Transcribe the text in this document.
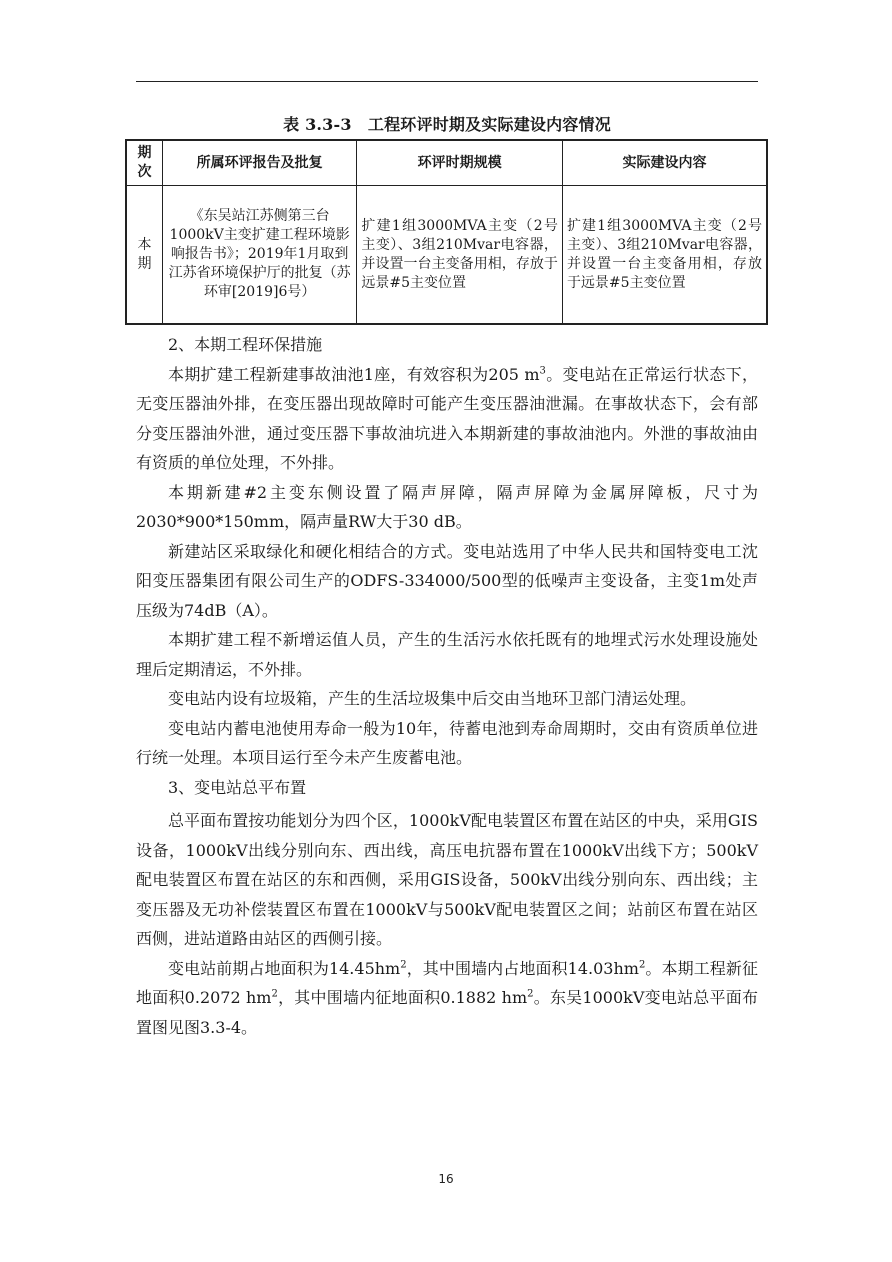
表 3.3-3　工程环评时期及实际建设内容情况
期次	所属环评报告及批复	环评时期规模	实际建设内容
本期	《东吴站江苏侧第三台1000kV主变扩建工程环境影响报告书》；2019年1月取到江苏省环境保护厅的批复（苏环审[2019]6号）	扩建1组3000MVA主变（2号主变）、3组210Mvar电容器，并设置一台主变备用相，存放于远景#5主变位置	扩建1组3000MVA主变（2号主变）、3组210Mvar电容器，并设置一台主变备用相，存放于远景#5主变位置

2、本期工程环保措施

本期扩建工程新建事故油池1座，有效容积为205 $m^3$。变电站在正常运行状态下，无变压器油外排，在变压器出现故障时可能产生变压器油泄漏。在事故状态下，会有部分变压器油外泄，通过变压器下事故油坑进入本期新建的事故油池内。外泄的事故油由有资质的单位处理，不外排。

本期新建#2主变东侧设置了隔声屏障，隔声屏障为金属屏障板，尺寸为2030*900*150mm，隔声量RW大于30 dB。

新建站区采取绿化和硬化相结合的方式。变电站选用了中华人民共和国特变电工沈阳变压器集团有限公司生产的ODFS-334000/500型的低噪声主变设备，主变1m处声压级为74dB（A）。

本期扩建工程不新增运值人员，产生的生活污水依托既有的地埋式污水处理设施处理后定期清运，不外排。

变电站内设有垃圾箱，产生的生活垃圾集中后交由当地环卫部门清运处理。

变电站内蓄电池使用寿命一般为10年，待蓄电池到寿命周期时，交由有资质单位进行统一处理。本项目运行至今未产生废蓄电池。

3、变电站总平布置

总平面布置按功能划分为四个区，1000kV配电装置区布置在站区的中央，采用GIS设备，1000kV出线分别向东、西出线，高压电抗器布置在1000kV出线下方；500kV配电装置区布置在站区的东和西侧，采用GIS设备，500kV出线分别向东、西出线；主变压器及无功补偿装置区布置在1000kV与500kV配电装置区之间；站前区布置在站区西侧，进站道路由站区的西侧引接。

变电站前期占地面积为$14.45hm^2$，其中围墙内占地面积$14.03hm^2$。本期工程新征地面积0.2072 $hm^2$，其中围墙内征地面积0.1882 $hm^2$。东吴1000kV变电站总平面布置图见图3.3-4。

16
